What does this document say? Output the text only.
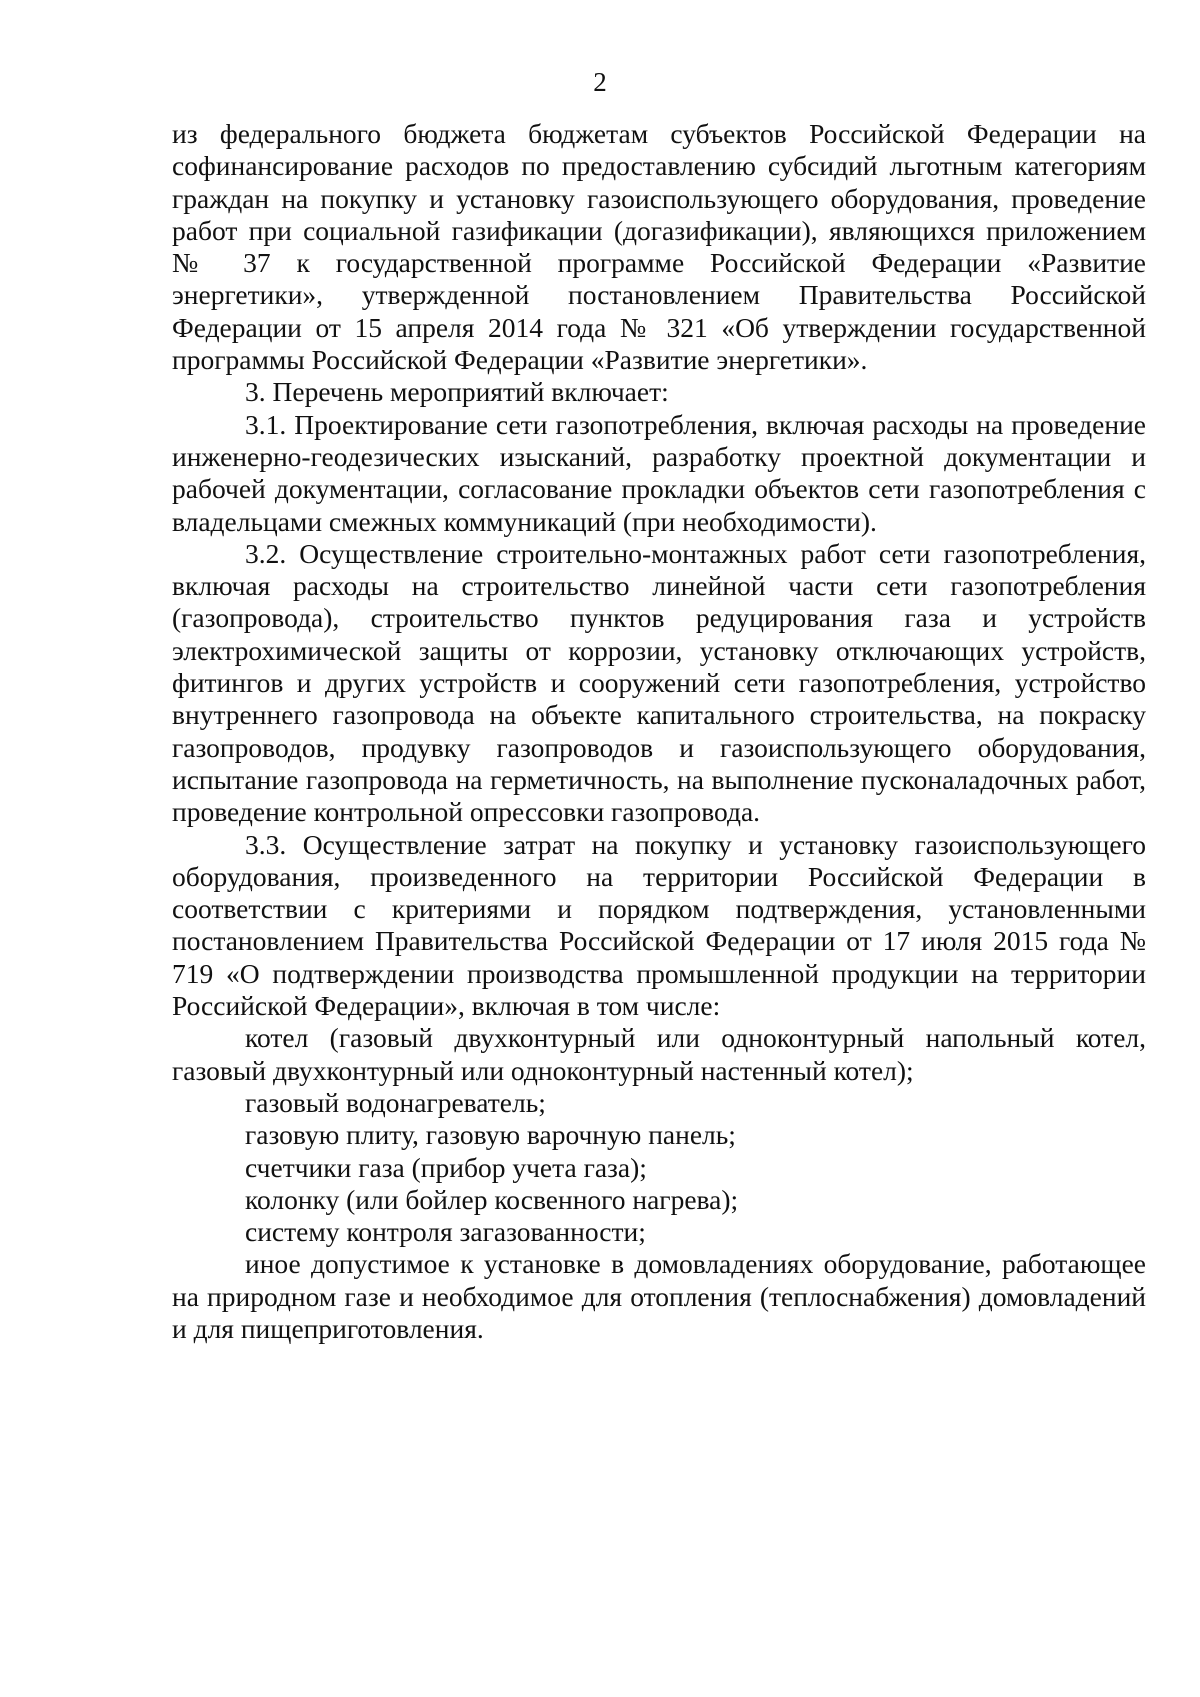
2

из федерального бюджета бюджетам субъектов Российской Федерации на софинансирование расходов по предоставлению субсидий льготным категориям граждан на покупку и установку газоиспользующего оборудования, проведение работ при социальной газификации (догазификации), являющихся приложением № 37 к государственной программе Российской Федерации «Развитие энергетики», утвержденной постановлением Правительства Российской Федерации от 15 апреля 2014 года № 321 «Об утверждении государственной программы Российской Федерации «Развитие энергетики».

3. Перечень мероприятий включает:

3.1. Проектирование сети газопотребления, включая расходы на проведение инженерно-геодезических изысканий, разработку проектной документации и рабочей документации, согласование прокладки объектов сети газопотребления с владельцами смежных коммуникаций (при необходимости).

3.2. Осуществление строительно-монтажных работ сети газопотребления, включая расходы на строительство линейной части сети газопотребления (газопровода), строительство пунктов редуцирования газа и устройств электрохимической защиты от коррозии, установку отключающих устройств, фитингов и других устройств и сооружений сети газопотребления, устройство внутреннего газопровода на объекте капитального строительства, на покраску газопроводов, продувку газопроводов и газоиспользующего оборудования, испытание газопровода на герметичность, на выполнение пусконаладочных работ, проведение контрольной опрессовки газопровода.

3.3. Осуществление затрат на покупку и установку газоиспользующего оборудования, произведенного на территории Российской Федерации в соответствии с критериями и порядком подтверждения, установленными постановлением Правительства Российской Федерации от 17 июля 2015 года № 719 «О подтверждении производства промышленной продукции на территории Российской Федерации», включая в том числе:

котел (газовый двухконтурный или одноконтурный напольный котел, газовый двухконтурный или одноконтурный настенный котел);

газовый водонагреватель;

газовую плиту, газовую варочную панель;

счетчики газа (прибор учета газа);

колонку (или бойлер косвенного нагрева);

систему контроля загазованности;

иное допустимое к установке в домовладениях оборудование, работающее на природном газе и необходимое для отопления (теплоснабжения) домовладений и для пищеприготовления.
